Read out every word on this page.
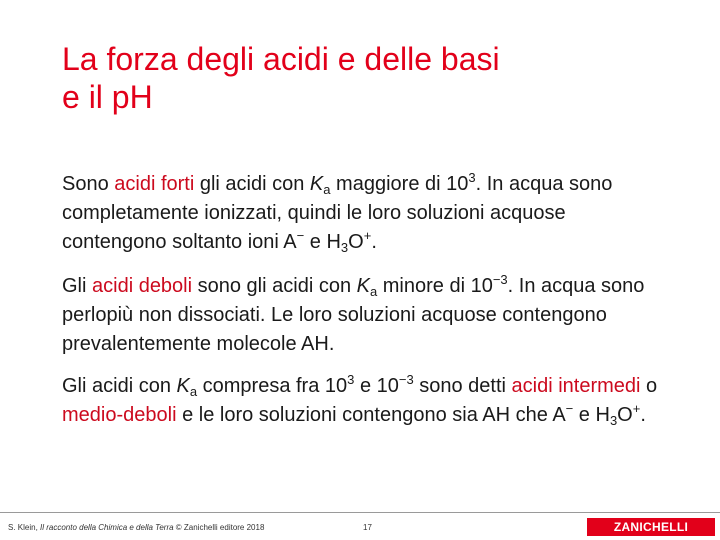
La forza degli acidi e delle basi
e il pH

Sono acidi forti gli acidi con $K_a$ maggiore di $10^3$. In acqua sono completamente ionizzati, quindi le loro soluzioni acquose contengono soltanto ioni A− e $H_3O^+$.

Gli acidi deboli sono gli acidi con $K_a$ minore di $10^{-3}$. In acqua sono perlopiù non dissociati. Le loro soluzioni acquose contengono prevalentemente molecole AH.

Gli acidi con $K_a$ compresa fra $10^3$ e $10^{-3}$ sono detti acidi intermedi o medio-deboli e le loro soluzioni contengono sia AH che A− e $H_3O^+$.

S. Klein, Il racconto della Chimica e della Terra © Zanichelli editore 2018	17	ZANICHELLI
